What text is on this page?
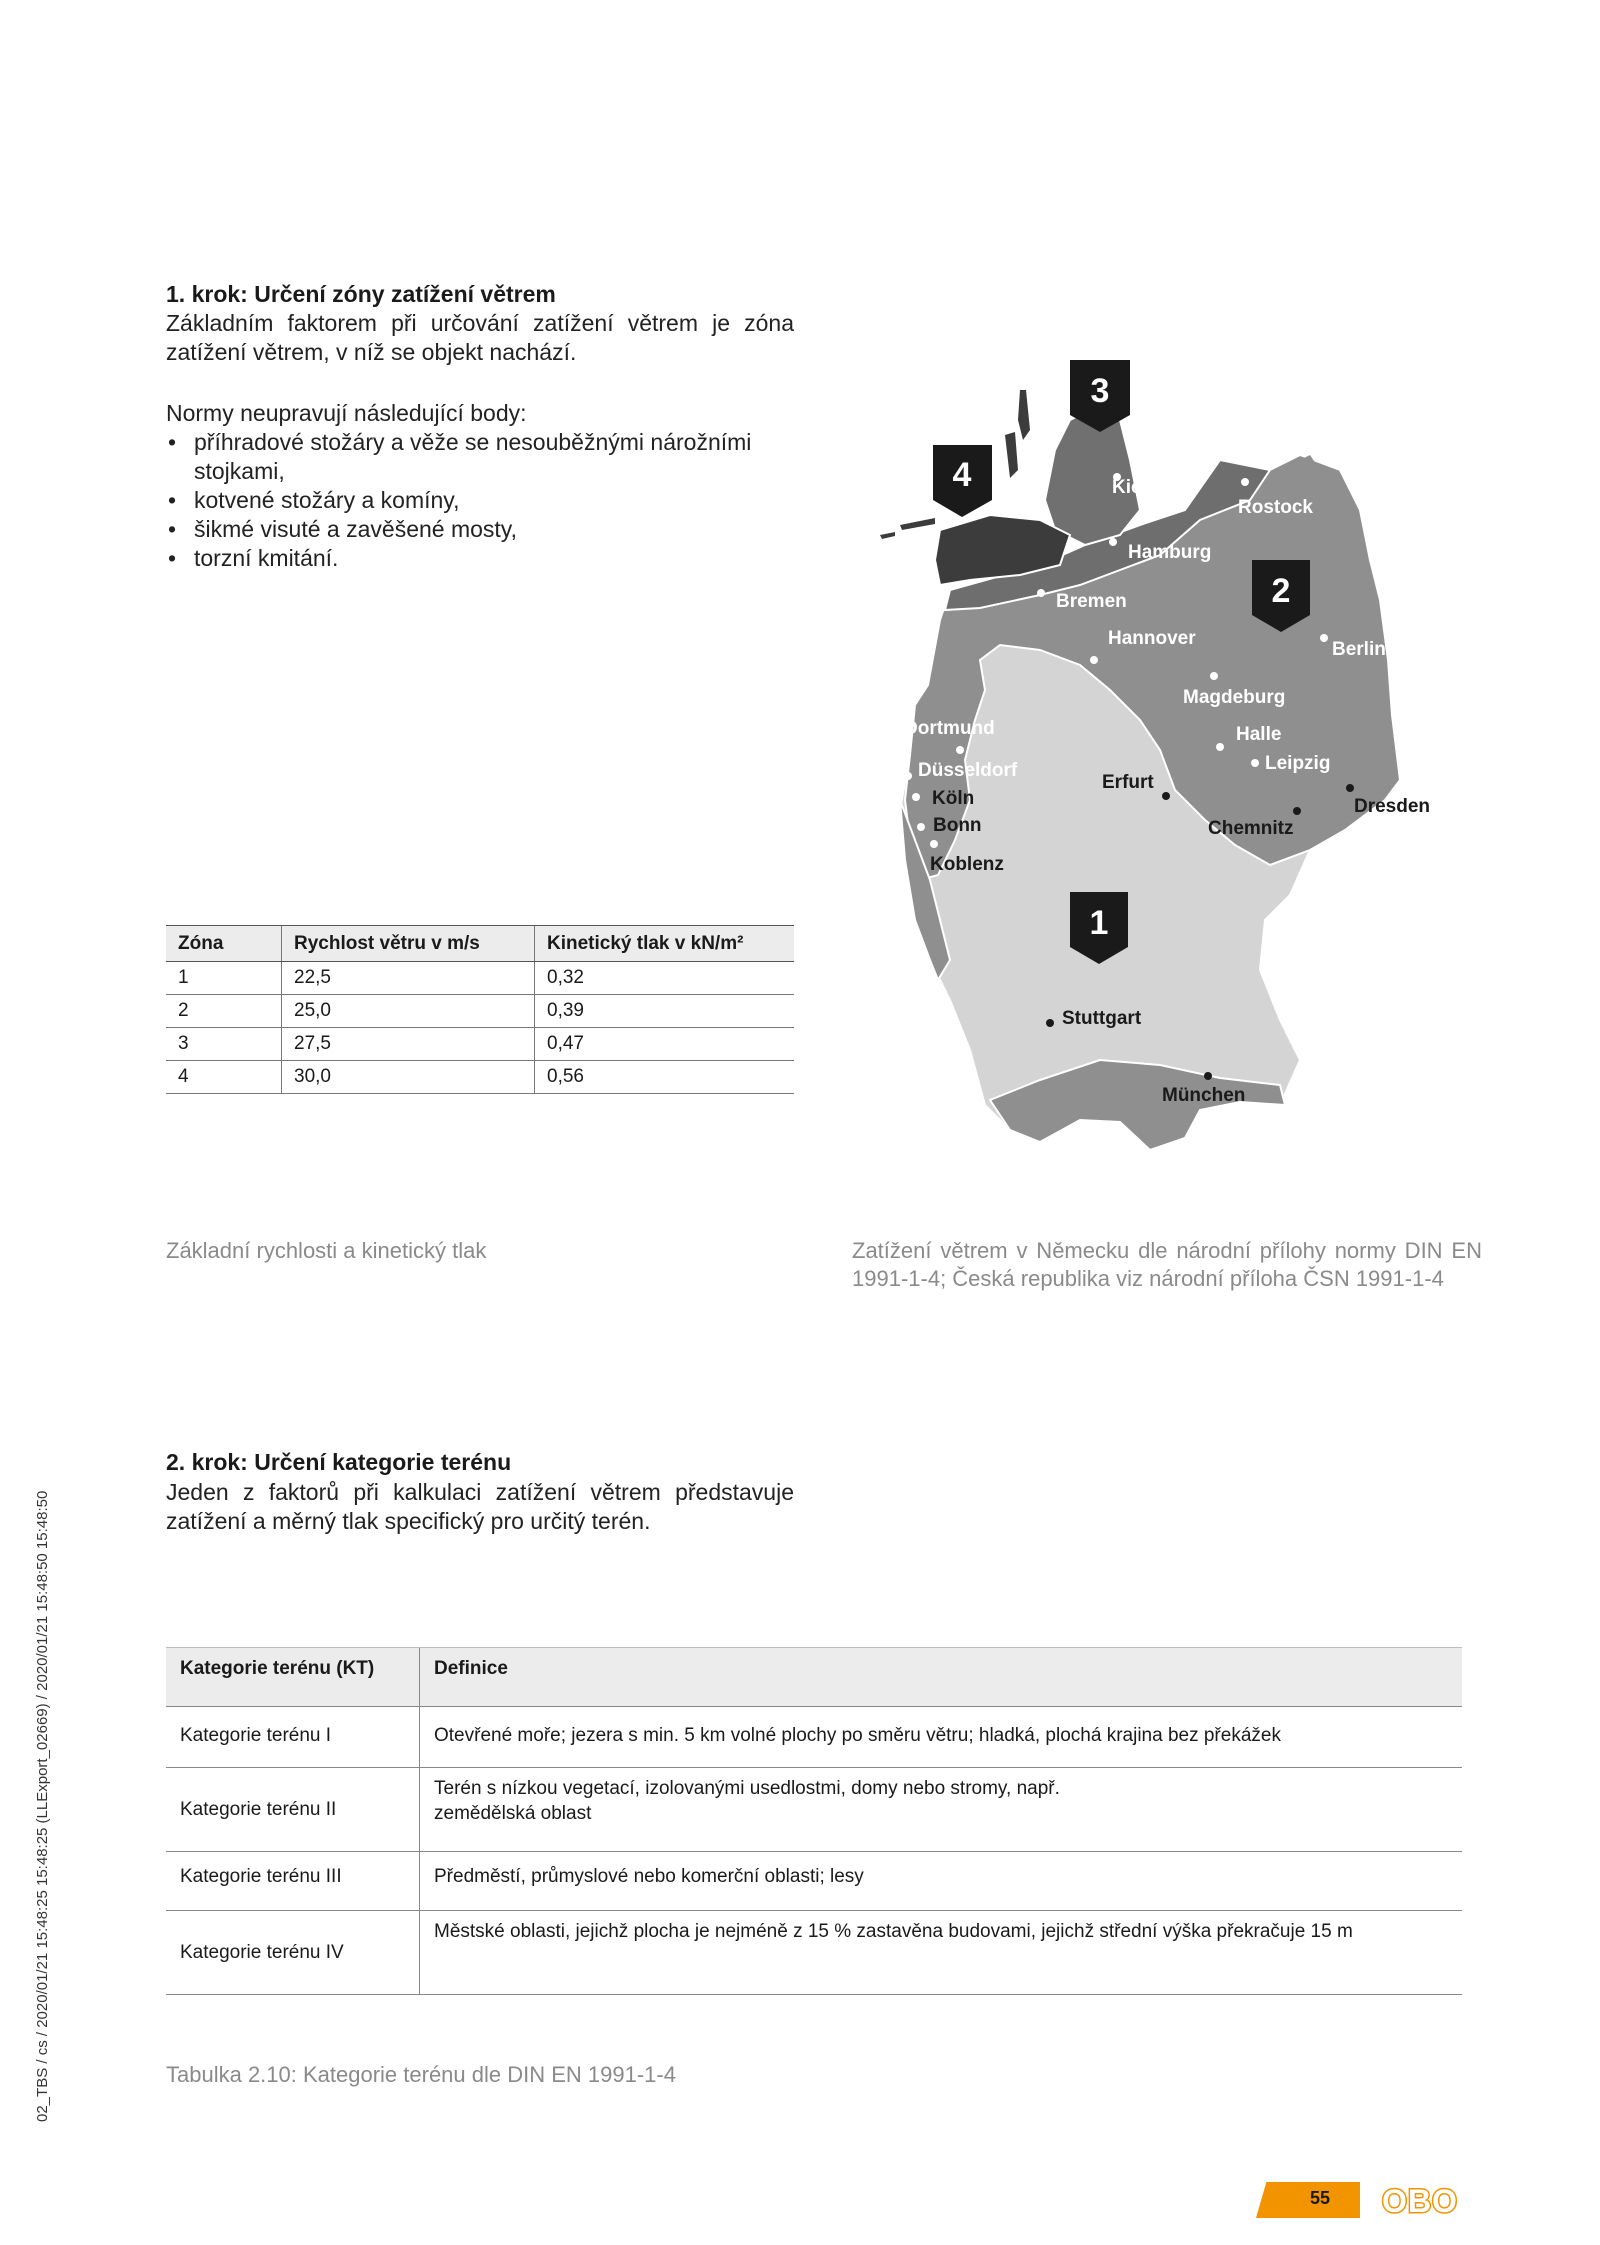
1. krok: Určení zóny zatížení větrem
Základním faktorem při určování zatížení větrem je zóna zatížení větrem, v níž se objekt nachází.
Normy neupravují následující body:
• příhradové stožáry a věže se nesouběžnými nárožními stojkami,
• kotvené stožáry a komíny,
• šikmé visuté a zavěšené mosty,
• torzní kmitání.
Zóna	Rychlost větru v m/s	Kinetický tlak v kN/m²
1	22,5	0,32
2	25,0	0,39
3	27,5	0,47
4	30,0	0,56
Základní rychlosti a kinetický tlak
3
4
2
1
Kiel
Rostock
Hamburg
Bremen
Hannover
Berlin
Magdeburg
Dortmund	Halle
Leipzig
Düsseldorf
Erfurt
Köln	Dresden
Bonn	Chemnitz
Koblenz
Stuttgart
München
Zatížení větrem v Německu dle národní přílohy normy DIN EN 1991-1-4; Česká republika viz národní příloha ČSN 1991-1-4
2. krok: Určení kategorie terénu
Jeden z faktorů při kalkulaci zatížení větrem představuje zatížení a měrný tlak specifický pro určitý terén.
Kategorie terénu (KT)	Definice
Kategorie terénu I	Otevřené moře; jezera s min. 5 km volné plochy po směru větru; hladká, plochá krajina bez překážek
Kategorie terénu II	Terén s nízkou vegetací, izolovanými usedlostmi, domy nebo stromy, např. zemědělská oblast
Kategorie terénu III	Předměstí, průmyslové nebo komerční oblasti; lesy
Kategorie terénu IV	Městské oblasti, jejichž plocha je nejméně z 15 % zastavěna budovami, jejichž střední výška překračuje 15 m
Tabulka 2.10: Kategorie terénu dle DIN EN 1991-1-4
02_TBS / cs / 2020/01/21 15:48:25 15:48:25 (LLExport_02669) / 2020/01/21 15:48:50 15:48:50
55 OBO
